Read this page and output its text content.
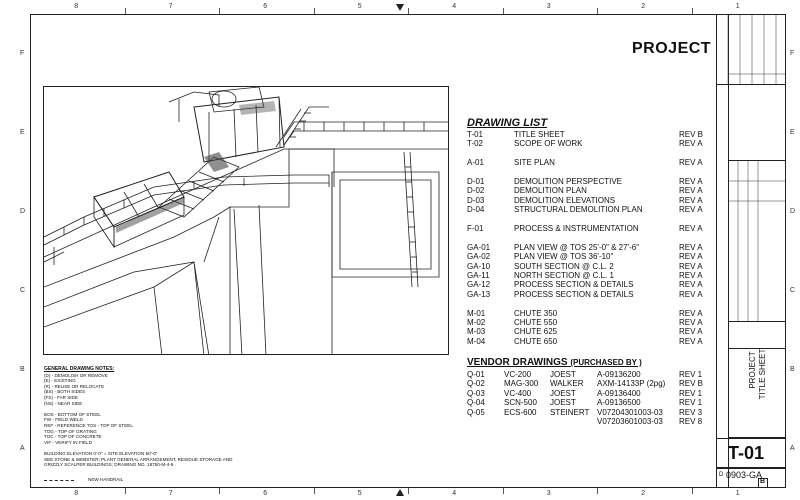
8	7	6	5	4	3	2	1
8	7	6	5	4	3	2	1
F
E
D
C
B
A
F
E
D
C
B
A
PROJECT
DRAWING LIST
T-01	TITLE SHEET	REV B
T-02	SCOPE OF WORK	REV A
A-01	SITE PLAN	REV A
D-01	DEMOLITION PERSPECTIVE	REV A
D-02	DEMOLITION PLAN	REV A
D-03	DEMOLITION ELEVATIONS	REV A
D-04	STRUCTURAL DEMOLITION PLAN	REV A
F-01	PROCESS & INSTRUMENTATION	REV A
GA-01	PLAN VIEW @ TOS 25'-0" & 27'-6"	REV A
GA-02	PLAN VIEW @ TOS 36'-10"	REV A
GA-10	SOUTH SECTION @ C.L. 2	REV A
GA-11	NORTH SECTION @ C.L. 1	REV A
GA-12	PROCESS SECTION & DETAILS	REV A
GA-13	PROCESS SECTION & DETAILS	REV A
M-01	CHUTE 350	REV A
M-02	CHUTE 550	REV A
M-03	CHUTE 625	REV A
M-04	CHUTE 650	REV A
VENDOR DRAWINGS (PURCHASED BY )
Q-01 VC-200 JOEST	A-09136200	REV 1
Q-02 MAG-300 WALKER AXM-14133P (2pg) REV B
Q-03 VC-400 JOEST	A-09136400	REV 1
Q-04 SCN-500 JOEST	A-09136500	REV 1
Q-05 ECS-600 STEINERT V07204301003-03 REV 3
V07203601003-03 REV 8
GENERAL DRAWING NOTES:
(D) - DEMOLISH OR REMOVE
(E) - EXISTING
(R) - REUSE OR RELOCATE
(BS) - BOTH SIDES
(FS) - FAR SIDE
(NS) - NEAR SIDE
BOS - BOTTOM OF STEEL
FW - FIELD WELD
REF - REFERENCE TOS - TOP OF STEEL
TOG - TOP OF GRATING
TOC - TOP OF CONCRETE
VIF - VERIFY IN FIELD
BUILDING ELEVATION 0'-0" = SITE ELEVATION 50'-0"
SEE STONE & WEBSTER; PLANT GENERAL ARRANGEMENT, RESIDUE STORAGE AND
GRIZZLY SCALPER BUILDINGS; DRAWING NO. 18750-M-4-6
NEW HANDRAIL
PROJECT TITLE SHEET
T-01
D 0903-GA
B
